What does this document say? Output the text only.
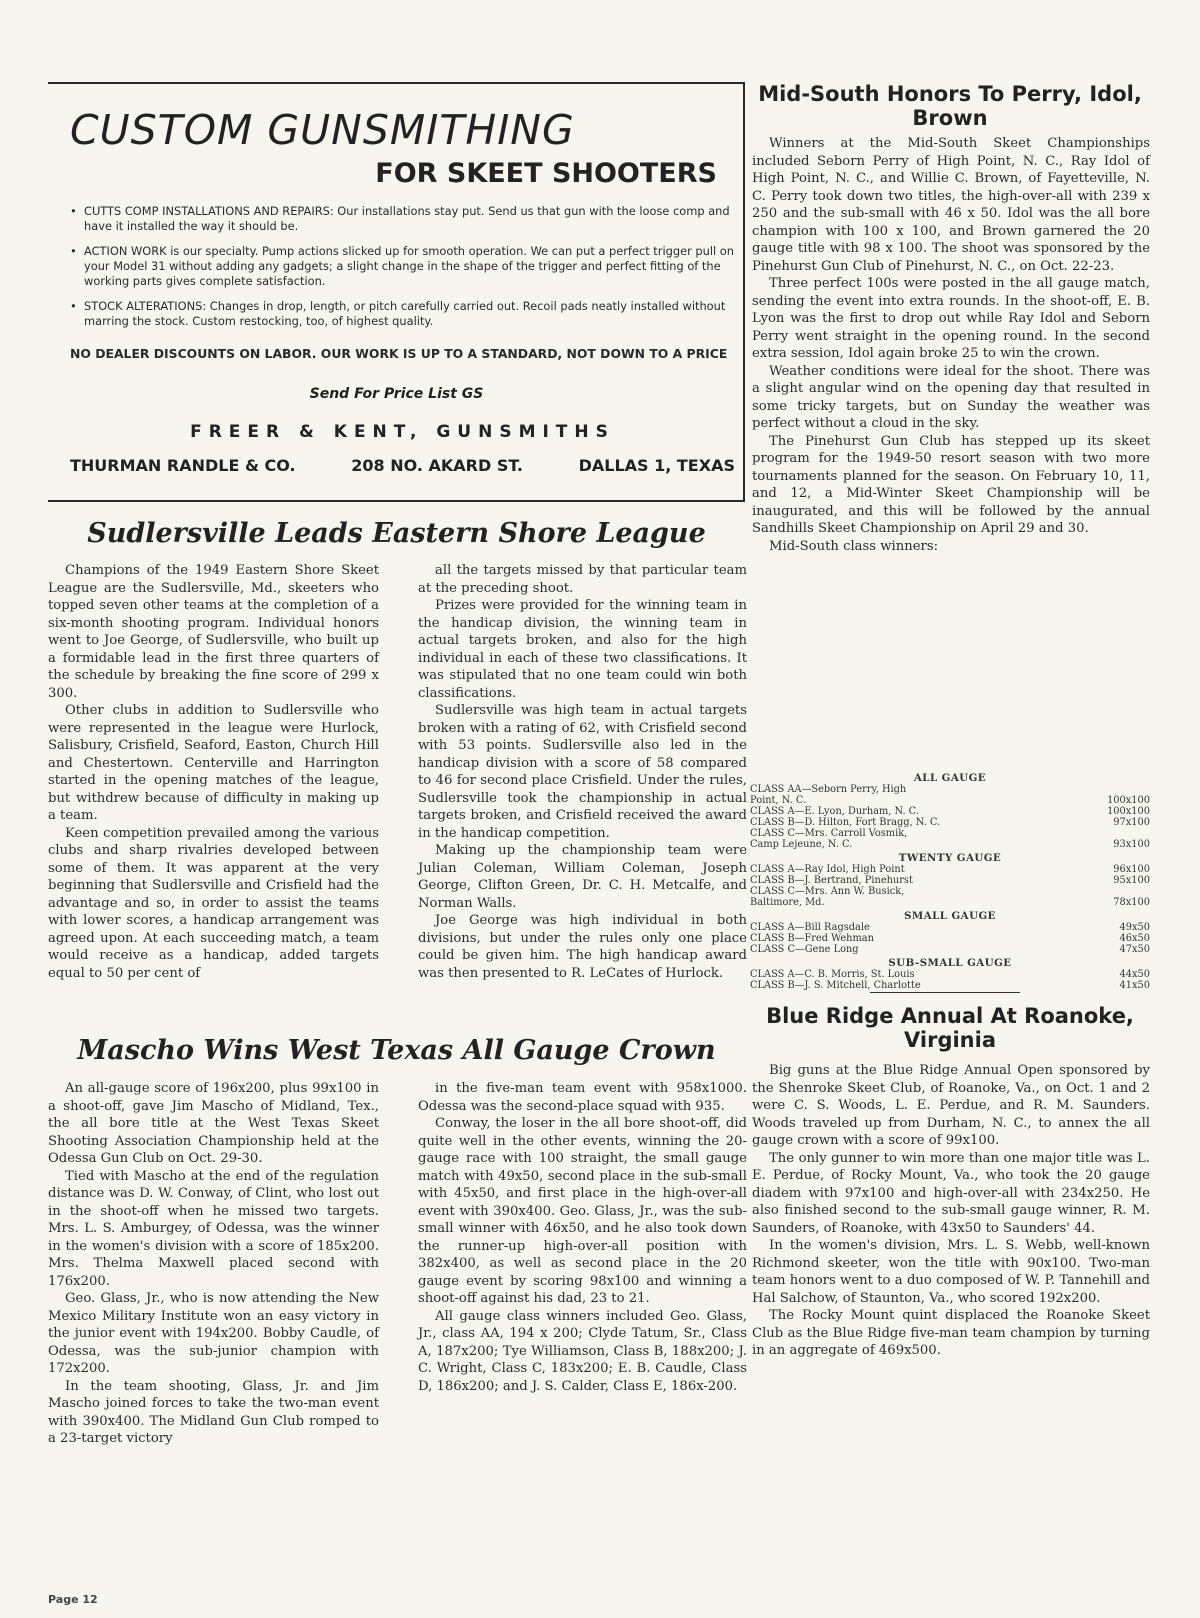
CUSTOM GUNSMITHING
FOR SKEET SHOOTERS
• CUTTS COMP INSTALLATIONS AND REPAIRS: Our installations stay put. Send us that gun with the loose comp and have it installed the way it should be.
• ACTION WORK is our specialty. Pump actions slicked up for smooth operation. We can put a perfect trigger pull on your Model 31 without adding any gadgets; a slight change in the shape of the trigger and perfect fitting of the working parts gives complete satisfaction.
• STOCK ALTERATIONS: Changes in drop, length, or pitch carefully carried out. Recoil pads neatly installed without marring the stock. Custom restocking, too, of highest quality.
NO DEALER DISCOUNTS ON LABOR. OUR WORK IS UP TO A STANDARD, NOT DOWN TO A PRICE
Send For Price List GS
FREER & KENT, GUNSMITHS
THURMAN RANDLE & CO.	208 NO. AKARD ST.	DALLAS 1, TEXAS
Sudlersville Leads Eastern Shore League

Champions of the 1949 Eastern Shore Skeet League are the Sudlersville, Md., skeeters who topped seven other teams at the completion of a six-month shooting program. Individual honors went to Joe George, of Sudlersville, who built up a formidable lead in the first three quarters of the schedule by breaking the fine score of 299 x 300.

Other clubs in addition to Sudlersville who were represented in the league were Hurlock, Salisbury, Crisfield, Seaford, Easton, Church Hill and Chestertown. Centerville and Harrington started in the opening matches of the league, but withdrew because of difficulty in making up a team.

Keen competition prevailed among the various clubs and sharp rivalries developed between some of them. It was apparent at the very beginning that Sudlersville and Crisfield had the advantage and so, in order to assist the teams with lower scores, a handicap arrangement was agreed upon. At each succeeding match, a team would receive as a handicap, added targets equal to 50 per cent of

all the targets missed by that particular team at the preceding shoot.

Prizes were provided for the winning team in the handicap division, the winning team in actual targets broken, and also for the high individual in each of these two classifications. It was stipulated that no one team could win both classifications.

Sudlersville was high team in actual targets broken with a rating of 62, with Crisfield second with 53 points. Sudlersville also led in the handicap division with a score of 58 compared to 46 for second place Crisfield. Under the rules, Sudlersville took the championship in actual targets broken, and Crisfield received the award in the handicap competition.

Making up the championship team were Julian Coleman, William Coleman, Joseph George, Clifton Green, Dr. C. H. Metcalfe, and Norman Walls.

Joe George was high individual in both divisions, but under the rules only one place could be given him. The high handicap award was then presented to R. LeCates of Hurlock.

Mascho Wins West Texas All Gauge Crown

An all-gauge score of 196x200, plus 99x100 in a shoot-off, gave Jim Mascho of Midland, Tex., the all bore title at the West Texas Skeet Shooting Association Championship held at the Odessa Gun Club on Oct. 29-30.

Tied with Mascho at the end of the regulation distance was D. W. Conway, of Clint, who lost out in the shoot-off when he missed two targets. Mrs. L. S. Amburgey, of Odessa, was the winner in the women's division with a score of 185x200. Mrs. Thelma Maxwell placed second with 176x200.

Geo. Glass, Jr., who is now attending the New Mexico Military Institute won an easy victory in the junior event with 194x200. Bobby Caudle, of Odessa, was the sub-junior champion with 172x200.

In the team shooting, Glass, Jr. and Jim Mascho joined forces to take the two-man event with 390x400. The Midland Gun Club romped to a 23-target victory

in the five-man team event with 958x1000. Odessa was the second-place squad with 935.

Conway, the loser in the all bore shoot-off, did quite well in the other events, winning the 20-gauge race with 100 straight, the small gauge match with 49x50, second place in the sub-small with 45x50, and first place in the high-over-all event with 390x400. Geo. Glass, Jr., was the sub-small winner with 46x50, and he also took down the runner-up high-over-all position with 382x400, as well as second place in the 20 gauge event by scoring 98x100 and winning a shoot-off against his dad, 23 to 21.

All gauge class winners included Geo. Glass, Jr., class AA, 194 x 200; Clyde Tatum, Sr., Class A, 187x200; Tye Williamson, Class B, 188x200; J. C. Wright, Class C, 183x200; E. B. Caudle, Class D, 186x200; and J. S. Calder, Class E, 186x-200.

Mid-South Honors To Perry, Idol, Brown

Winners at the Mid-South Skeet Championships included Seborn Perry of High Point, N. C., Ray Idol of High Point, N. C., and Willie C. Brown, of Fayetteville, N. C. Perry took down two titles, the high-over-all with 239 x 250 and the sub-small with 46 x 50. Idol was the all bore champion with 100 x 100, and Brown garnered the 20 gauge title with 98 x 100. The shoot was sponsored by the Pinehurst Gun Club of Pinehurst, N. C., on Oct. 22-23.

Three perfect 100s were posted in the all gauge match, sending the event into extra rounds. In the shoot-off, E. B. Lyon was the first to drop out while Ray Idol and Seborn Perry went straight in the opening round. In the second extra session, Idol again broke 25 to win the crown.

Weather conditions were ideal for the shoot. There was a slight angular wind on the opening day that resulted in some tricky targets, but on Sunday the weather was perfect without a cloud in the sky.

The Pinehurst Gun Club has stepped up its skeet program for the 1949-50 resort season with two more tournaments planned for the season. On February 10, 11, and 12, a Mid-Winter Skeet Championship will be inaugurated, and this will be followed by the annual Sandhills Skeet Championship on April 29 and 30.

Mid-South class winners:

ALL GAUGE
CLASS AA—Seborn Perry, High
Point, N. C.	100x100
CLASS A—E. Lyon, Durham, N. C.	100x100
CLASS B—D. Hilton, Fort Bragg, N. C.	97x100
CLASS C—Mrs. Carroll Vosmik,
Camp Lejeune, N. C.	93x100
TWENTY GAUGE
CLASS A—Ray Idol, High Point	96x100
CLASS B—J. Bertrand, Pinehurst	95x100
CLASS C—Mrs. Ann W. Busick,
Baltimore, Md.	78x100
SMALL GAUGE
CLASS A—Bill Ragsdale	49x50
CLASS B—Fred Wehman	46x50
CLASS C—Gene Long	47x50
SUB-SMALL GAUGE
CLASS A—C. B. Morris, St. Louis	44x50
CLASS B—J. S. Mitchell, Charlotte	41x50
Blue Ridge Annual At Roanoke, Virginia

Big guns at the Blue Ridge Annual Open sponsored by the Shenroke Skeet Club, of Roanoke, Va., on Oct. 1 and 2 were C. S. Woods, L. E. Perdue, and R. M. Saunders. Woods traveled up from Durham, N. C., to annex the all gauge crown with a score of 99x100.

The only gunner to win more than one major title was L. E. Perdue, of Rocky Mount, Va., who took the 20 gauge diadem with 97x100 and high-over-all with 234x250. He also finished second to the sub-small gauge winner, R. M. Saunders, of Roanoke, with 43x50 to Saunders' 44.

In the women's division, Mrs. L. S. Webb, well-known Richmond skeeter, won the title with 90x100. Two-man team honors went to a duo composed of W. P. Tannehill and Hal Salchow, of Staunton, Va., who scored 192x200.

The Rocky Mount quint displaced the Roanoke Skeet Club as the Blue Ridge five-man team champion by turning in an aggregate of 469x500.

Page 12
